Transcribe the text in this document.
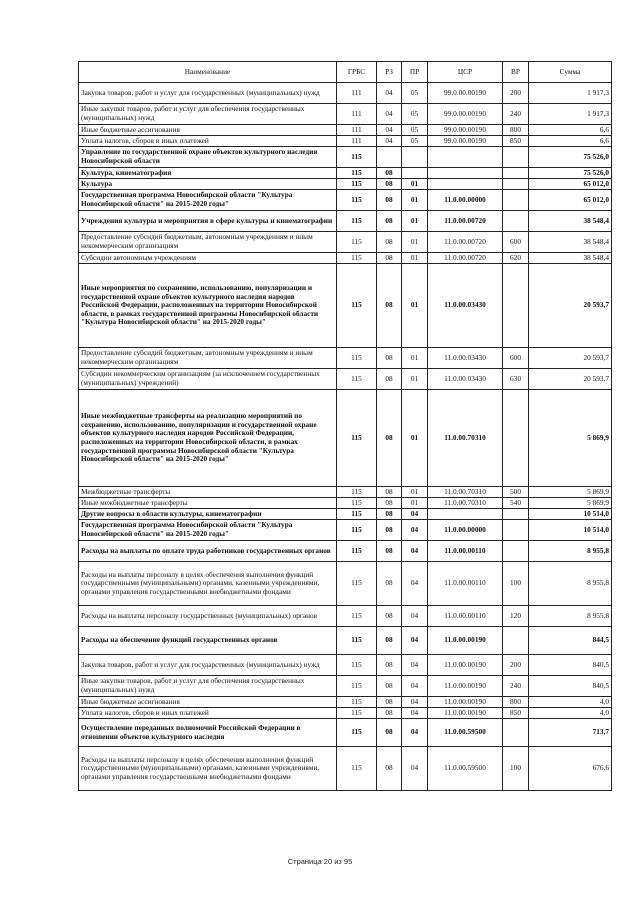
Наименование	ГРБС	РЗ	ПР	ЦСР	ВР	Сумма
Закупка товаров, работ и услуг для государственных (муниципальных) нужд	111	04	05	99.0.00.00190	200	1 917,3
Иные закупки товаров, работ и услуг для обеспечения государственных (муниципальных) нужд	111	04	05	99.0.00.00190	240	1 917,3
Иные бюджетные ассигнования	111	04	05	99.0.00.00190	800	6,6
Уплата налогов, сборов и иных платежей	111	04	05	99.0.00.00190	850	6,6
Управление по государственной охране объектов культурного наследия Новосибирской области	115					75 526,0
Культура, кинематография	115	08				75 526,0
Культура	115	08	01			65 012,0
Государственная программа Новосибирской области "Культура Новосибирской области" на 2015-2020 годы"	115	08	01	11.0.00.00000		65 012,0
Учреждения культуры и мероприятия в сфере культуры и кинематографии	115	08	01	11.0.00.00720		38 548,4
Предоставление субсидий бюджетным, автономным учреждениям и иным некоммерческим организациям	115	08	01	11.0.00.00720	600	38 548,4
Субсидии автономным учреждениям	115	08	01	11.0.00.00720	620	38 548,4
Иные мероприятия по сохранению, использованию, популяризации и государственной охране объектов культурного наследия народов Российской Федерации, расположенных на территории Новосибирской области, в рамках государственной программы Новосибирской области "Культура Новосибирской области" на 2015-2020 годы"	115	08	01	11.0.00.03430		20 593,7
Предоставление субсидий бюджетным, автономным учреждениям и иным некоммерческим организациям	115	08	01	11.0.00.03430	600	20 593,7
Субсидии некоммерческим организациям (за исключением государственных (муниципальных) учреждений)	115	08	01	11.0.00.03430	630	20 593,7
Иные межбюджетные трансферты на реализацию мероприятий по сохранению, использованию, популяризации и государственной охране объектов культурного наследия народов Российской Федерации, расположенных на территории Новосибирской области, в рамках государственной программы Новосибирской области "Культура Новосибирской области" на 2015-2020 годы"	115	08	01	11.0.00.70310		5 869,9
Межбюджетные трансферты	115	08	01	11.0.00.70310	500	5 869,9
Иные межбюджетные трансферты	115	08	01	11.0.00.70310	540	5 869,9
Другие вопросы в области культуры, кинематографии	115	08	04			10 514,0
Государственная программа Новосибирской области "Культура Новосибирской области" на 2015-2020 годы"	115	08	04	11.0.00.00000		10 514,0
Расходы на выплаты по оплате труда работников государственных органов	115	08	04	11.0.00.00110		8 955,8
Расходы на выплаты персоналу в целях обеспечения выполнения функций государственными (муниципальными) органами, казенными учреждениями, органами управления государственными внебюджетными фондами	115	08	04	11.0.00.00110	100	8 955,8
Расходы на выплаты персоналу государственных (муниципальных) органов	115	08	04	11.0.00.00110	120	8 955,8
Расходы на обеспечение функций государственных органов	115	08	04	11.0.00.00190		844,5
Закупка товаров, работ и услуг для государственных (муниципальных) нужд	115	08	04	11.0.00.00190	200	840,5
Иные закупки товаров, работ и услуг для обеспечения государственных (муниципальных) нужд	115	08	04	11.0.00.00190	240	840,5
Иные бюджетные ассигнования	115	08	04	11.0.00.00190	800	4,0
Уплата налогов, сборов и иных платежей	115	08	04	11.0.00.00190	850	4,0
Осуществление переданных полномочий Российской Федерации в отношении объектов культурного наследия	115	08	04	11.0.00.59500		713,7
Расходы на выплаты персоналу в целях обеспечения выполнения функций государственными (муниципальными) органами, казенными учреждениями, органами управления государственными внебюджетными фондами	115	08	04	11.0.00.59500	100	676,6
Страница 20 из 95
